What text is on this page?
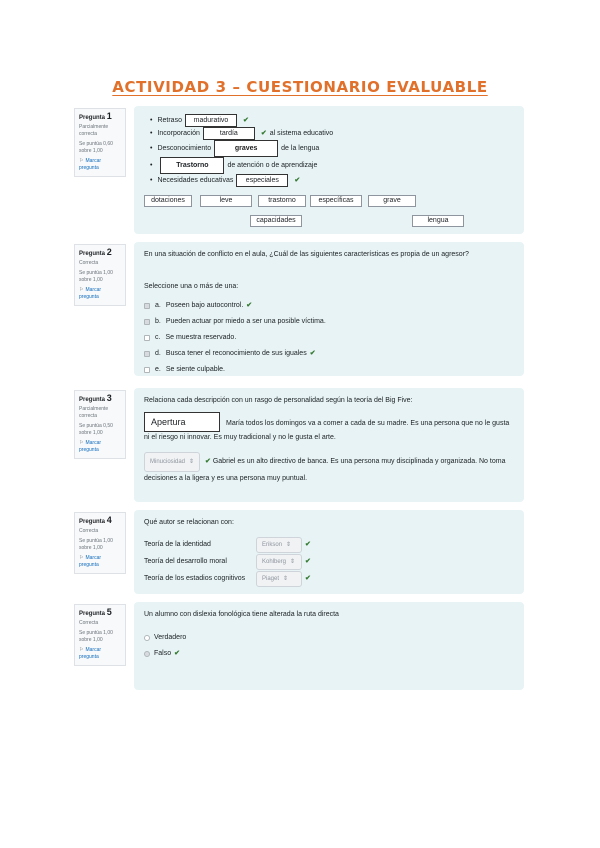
ACTIVIDAD 3 – CUESTIONARIO EVALUABLE
Pregunta 1
Parcialmente correcta
Se puntúa 0,60 sobre 1,00
⚐ Marcar pregunta
• Retraso	madurativo	✔
• Incorporación	tardía	✔ al sistema educativo
• Desconocimiento	graves	de la lengua
• Trastorno	de atención o de aprendizaje
• Necesidades educativas	especiales	✔
dotaciones	leve	trastorno	específicas	grave
capacidades	lengua
Pregunta 2
Correcta
Se puntúa 1,00 sobre 1,00
⚐ Marcar pregunta
En una situación de conflicto en el aula, ¿Cuál de las siguientes características es propia de un agresor?
Seleccione una o más de una:
a. Poseen bajo autocontrol. ✔
b. Pueden actuar por miedo a ser una posible víctima.
c. Se muestra reservado.
d. Busca tener el reconocimiento de sus iguales ✔
e. Se siente culpable.
Pregunta 3
Parcialmente correcta
Se puntúa 0,50 sobre 1,00
⚐ Marcar pregunta
Relaciona cada descripción con un rasgo de personalidad según la teoría del Big Five:
Apertura	María todos los domingos va a comer a cada de su madre. Es una persona que no le gusta ni el riesgo ni innovar. Es muy tradicional y no le gusta el arte.
Minuciosidad ⇕ ✔ Gabriel es un alto directivo de banca. Es una persona muy disciplinada y organizada. No toma decisiones a la ligera y es una persona muy puntual.
Pregunta 4
Correcta
Se puntúa 1,00 sobre 1,00
⚐ Marcar pregunta
Qué autor se relacionan con:
Teoría de la identidad	Erikson ⇕	✔
Teoría del desarrollo moral	Kohlberg ⇕	✔
Teoría de los estadios cognitivos	Piaget ⇕	✔
Pregunta 5
Correcta
Se puntúa 1,00 sobre 1,00
⚐ Marcar pregunta
Un alumno con dislexia fonológica tiene alterada la ruta directa
Verdadero
Falso ✔
